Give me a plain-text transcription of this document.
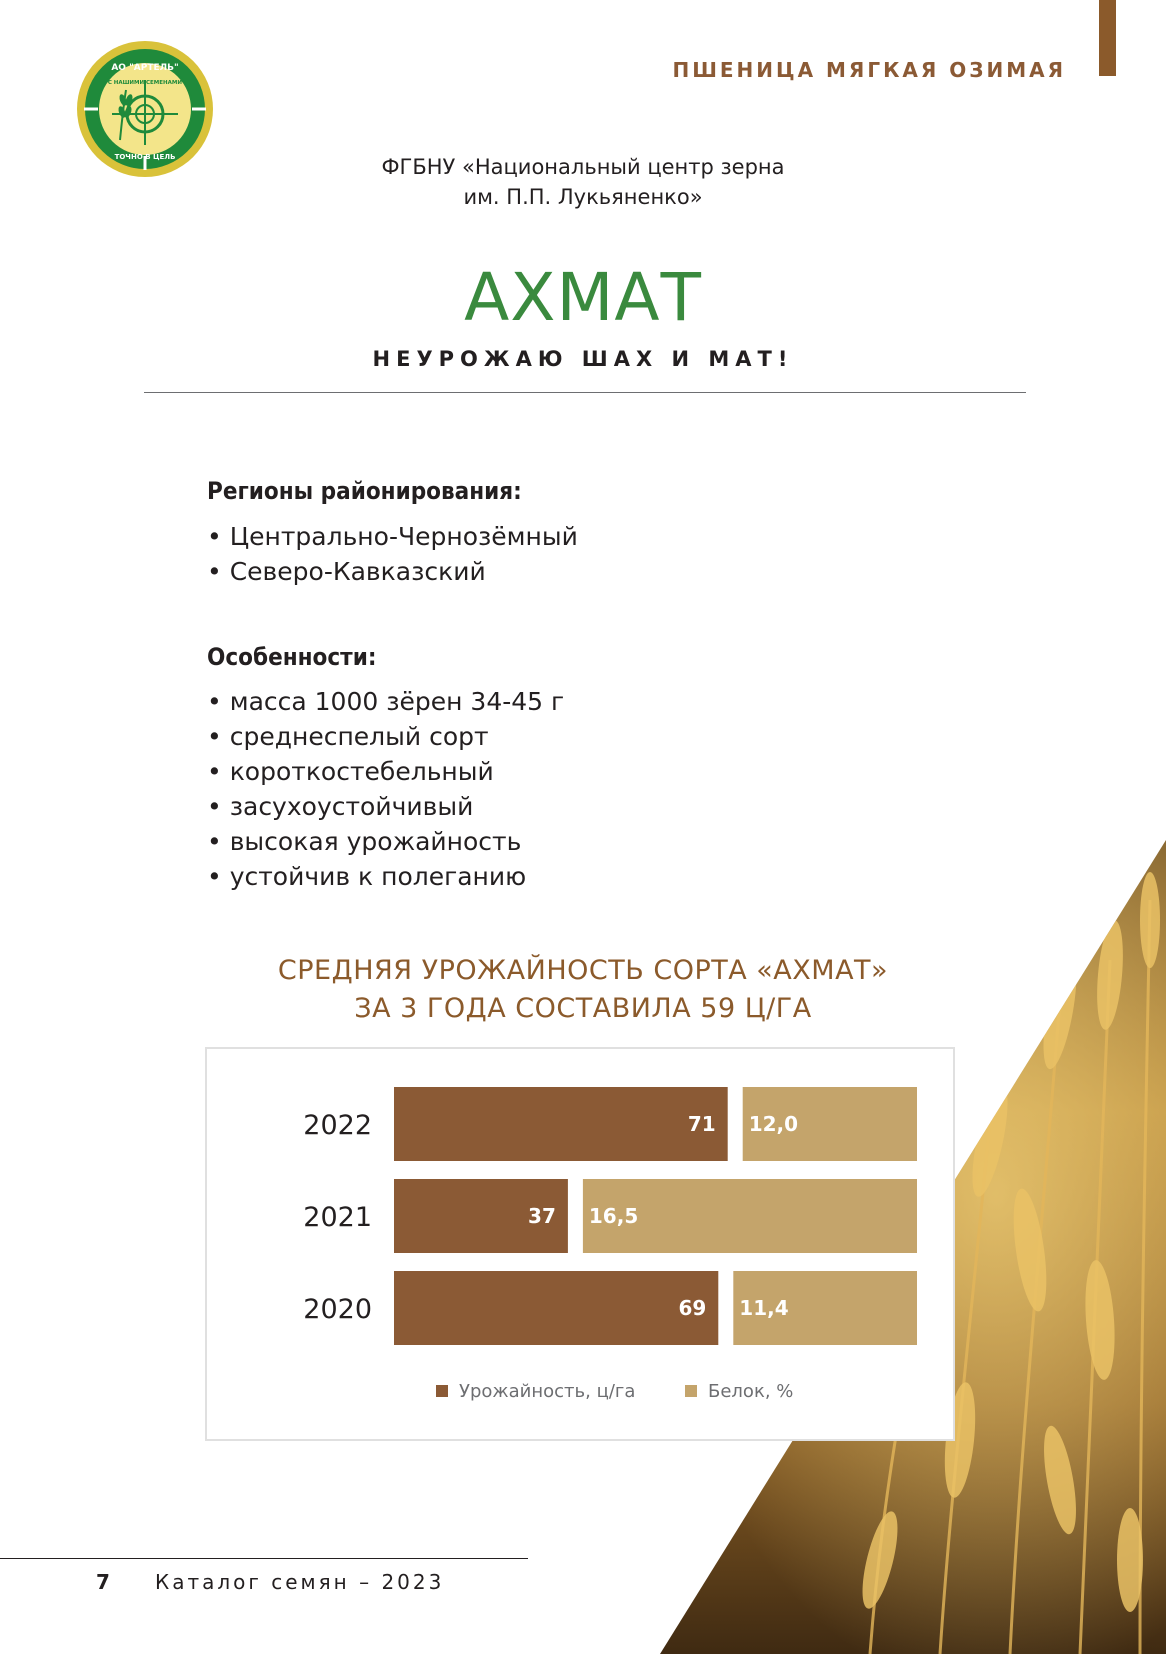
АО "АРТЕЛЬ"
С НАШИМИ СЕМЕНАМИ -
ТОЧНО В ЦЕЛЬ
ПШЕНИЦА МЯГКАЯ ОЗИМАЯ
ФГБНУ «Национальный центр зерна
им. П.П. Лукьяненко»
АХМАТ
НЕУРОЖАЮ ШАХ И МАТ!
Регионы районирования:
• Центрально-Чернозёмный
• Северо-Кавказский
Особенности:
• масса 1000 зёрен 34-45 г
• среднеспелый сорт
• короткостебельный
• засухоустойчивый
• высокая урожайность
• устойчив к полеганию
СРЕДНЯЯ УРОЖАЙНОСТЬ СОРТА «АХМАТ»
ЗА 3 ГОДА СОСТАВИЛА 59 Ц/ГА
2022	71 12,0
2021	37 16,5
2020	69 11,4
Урожайность, ц/га	Белок, %
7 Каталог семян – 2023
